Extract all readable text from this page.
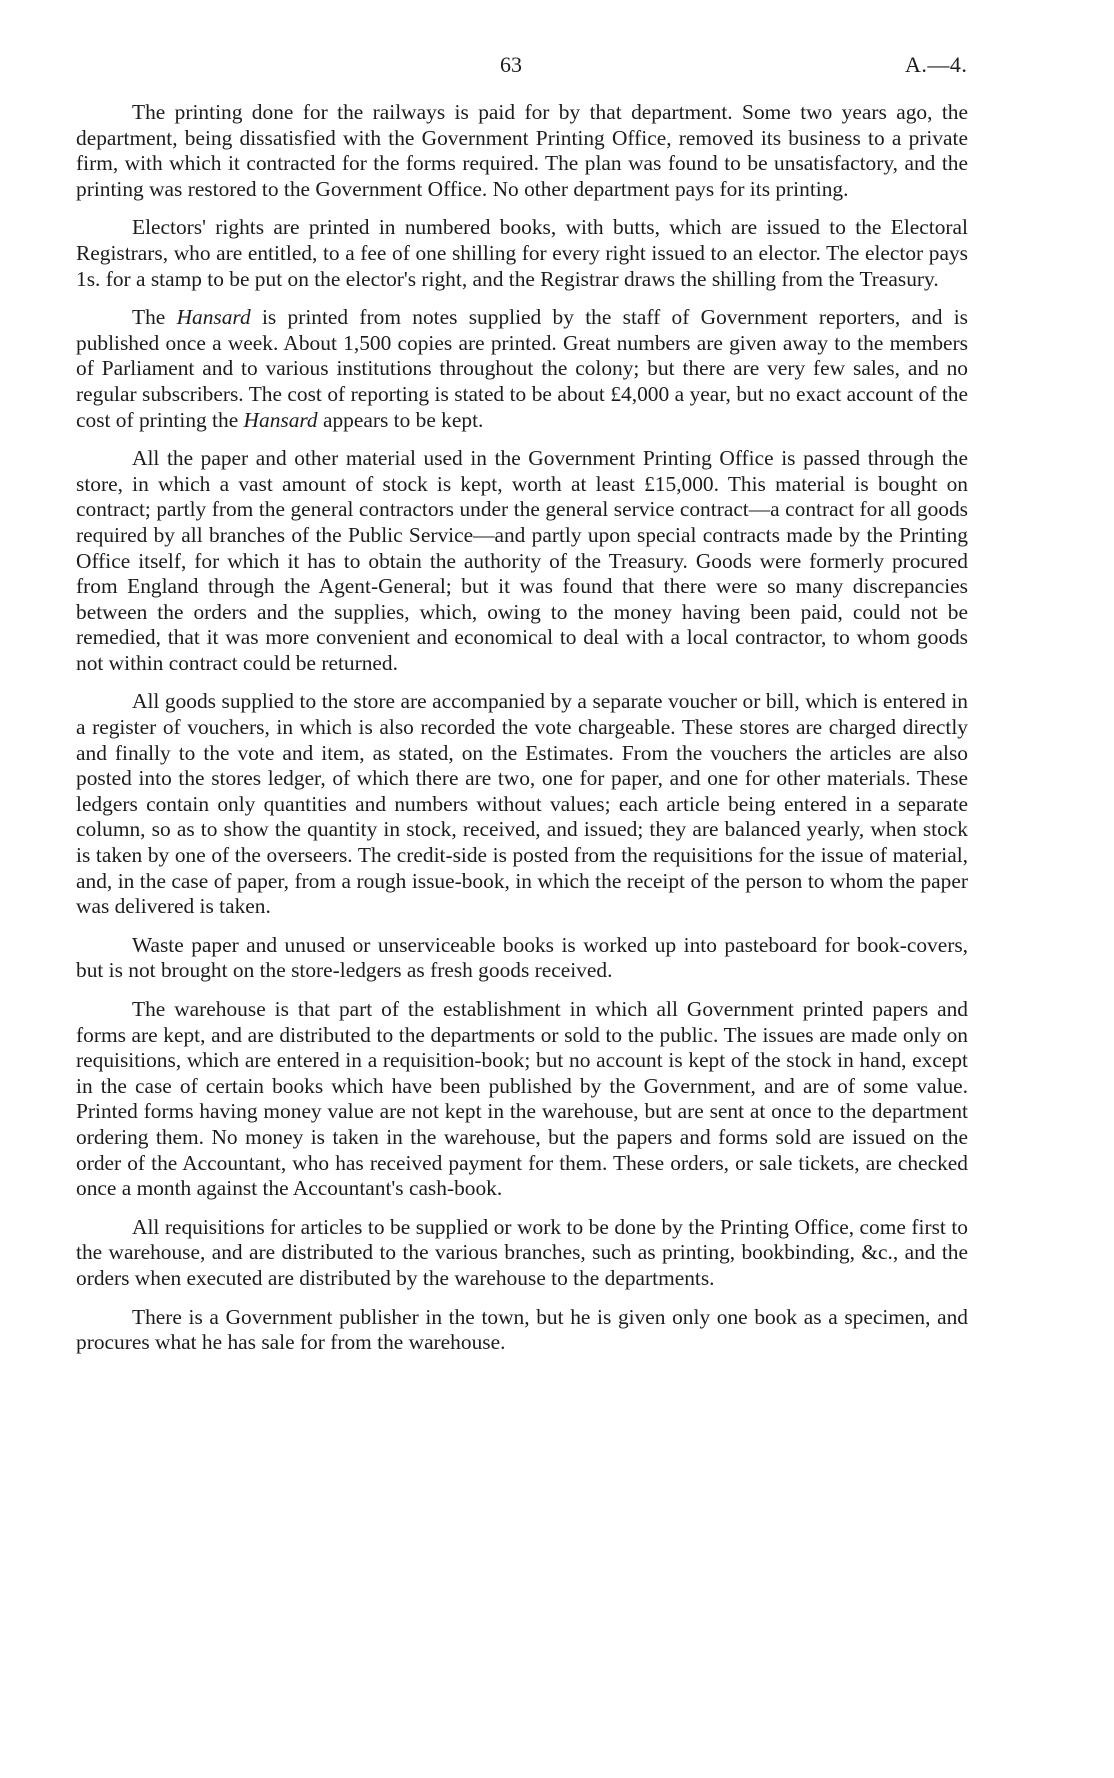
63	A.—4.

The printing done for the railways is paid for by that department. Some two years ago, the department, being dissatisfied with the Government Printing Office, removed its business to a private firm, with which it contracted for the forms required. The plan was found to be unsatisfactory, and the printing was restored to the Government Office. No other department pays for its printing.

Electors' rights are printed in numbered books, with butts, which are issued to the Electoral Registrars, who are entitled, to a fee of one shilling for every right issued to an elector. The elector pays 1s. for a stamp to be put on the elector's right, and the Registrar draws the shilling from the Treasury.

The Hansard is printed from notes supplied by the staff of Government reporters, and is published once a week. About 1,500 copies are printed. Great numbers are given away to the members of Parliament and to various institutions throughout the colony; but there are very few sales, and no regular subscribers. The cost of reporting is stated to be about £4,000 a year, but no exact account of the cost of printing the Hansard appears to be kept.

All the paper and other material used in the Government Printing Office is passed through the store, in which a vast amount of stock is kept, worth at least £15,000. This material is bought on contract; partly from the general contractors under the general service contract—a contract for all goods required by all branches of the Public Service—and partly upon special contracts made by the Printing Office itself, for which it has to obtain the authority of the Treasury. Goods were formerly procured from England through the Agent-General; but it was found that there were so many discrepancies between the orders and the supplies, which, owing to the money having been paid, could not be remedied, that it was more convenient and economical to deal with a local contractor, to whom goods not within contract could be returned.

All goods supplied to the store are accompanied by a separate voucher or bill, which is entered in a register of vouchers, in which is also recorded the vote chargeable. These stores are charged directly and finally to the vote and item, as stated, on the Estimates. From the vouchers the articles are also posted into the stores ledger, of which there are two, one for paper, and one for other materials. These ledgers contain only quantities and numbers without values; each article being entered in a separate column, so as to show the quantity in stock, received, and issued; they are balanced yearly, when stock is taken by one of the overseers. The credit-side is posted from the requisitions for the issue of material, and, in the case of paper, from a rough issue-book, in which the receipt of the person to whom the paper was delivered is taken.

Waste paper and unused or unserviceable books is worked up into pasteboard for book-covers, but is not brought on the store-ledgers as fresh goods received.

The warehouse is that part of the establishment in which all Government printed papers and forms are kept, and are distributed to the departments or sold to the public. The issues are made only on requisitions, which are entered in a requisition-book; but no account is kept of the stock in hand, except in the case of certain books which have been published by the Government, and are of some value. Printed forms having money value are not kept in the warehouse, but are sent at once to the department ordering them. No money is taken in the warehouse, but the papers and forms sold are issued on the order of the Accountant, who has received payment for them. These orders, or sale tickets, are checked once a month against the Accountant's cash-book.

All requisitions for articles to be supplied or work to be done by the Printing Office, come first to the warehouse, and are distributed to the various branches, such as printing, bookbinding, &c., and the orders when executed are distributed by the warehouse to the departments.

There is a Government publisher in the town, but he is given only one book as a specimen, and procures what he has sale for from the warehouse.
